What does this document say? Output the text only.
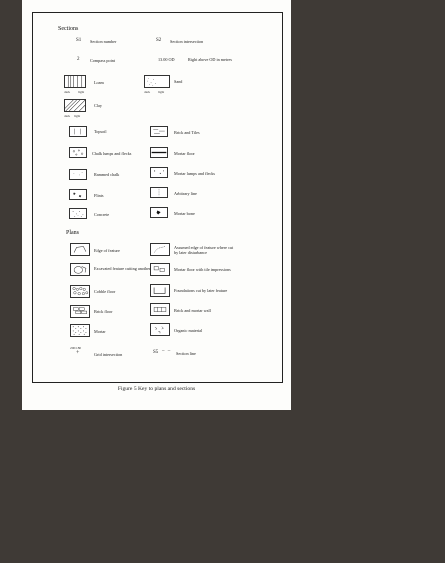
Sections
S1 Section number	S2 Section intersection
2	Compass point	13.00 OD	Right above OD in metres
Loam
dark light
Sand
dark light
Clay
dark light
Topsoil
Chalk lumps and flecks
Rammed chalk
Flints
Concrete
Brick and Tiles
Mortar floor
Mortar lumps and flecks
Arbitrary line
Mortar bone
Plans
Edge of feature
Excavated feature cutting another
Cobble floor
Brick floor
Mortar
200/180
+	Grid intersection
Assumed edge of feature where cut
by later disturbance
Mortar floor with tile impressions
Foundations cut by later feature
Brick and mortar wall
Organic material
S5 – – Section line
Figure 5 Key to plans and sections
